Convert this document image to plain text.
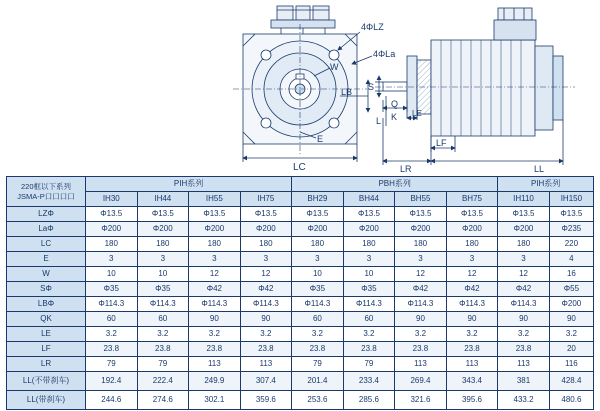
4ΦLZ
4ΦLa
W
E
LB
LC
S
Q
K LE
L
LF
LR	LL
220框以下系列
JSMA-P口口口口	PIH系列				PBH系列				PIH系列	
	IH30	IH44	IH55	IH75	BH29	BH44	BH55	BH75	IH110	IH150
LZΦ	Φ13.5	Φ13.5	Φ13.5	Φ13.5	Φ13.5	Φ13.5	Φ13.5	Φ13.5	Φ13.5	Φ13.5
LaΦ	Φ200	Φ200	Φ200	Φ200	Φ200	Φ200	Φ200	Φ200	Φ200	Φ235
LC	180	180	180	180	180	180	180	180	180	220
E	3	3	3	3	3	3	3	3	3	4
W	10	10	12	12	10	10	12	12	12	16
SΦ	Φ35	Φ35	Φ42	Φ42	Φ35	Φ35	Φ42	Φ42	Φ42	Φ55
LBΦ	Φ114.3	Φ114.3	Φ114.3	Φ114.3	Φ114.3	Φ114.3	Φ114.3	Φ114.3	Φ114.3	Φ200
QK	60	60	90	90	60	60	90	90	90	90
LE	3.2	3.2	3.2	3.2	3.2	3.2	3.2	3.2	3.2	3.2
LF	23.8	23.8	23.8	23.8	23.8	23.8	23.8	23.8	23.8	20
LR	79	79	113	113	79	79	113	113	113	116
LL(不带刹车)	192.4	222.4	249.9	307.4	201.4	233.4	269.4	343.4	381	428.4
LL(带刹车)	244.6	274.6	302.1	359.6	253.6	285.6	321.6	395.6	433.2	480.6
